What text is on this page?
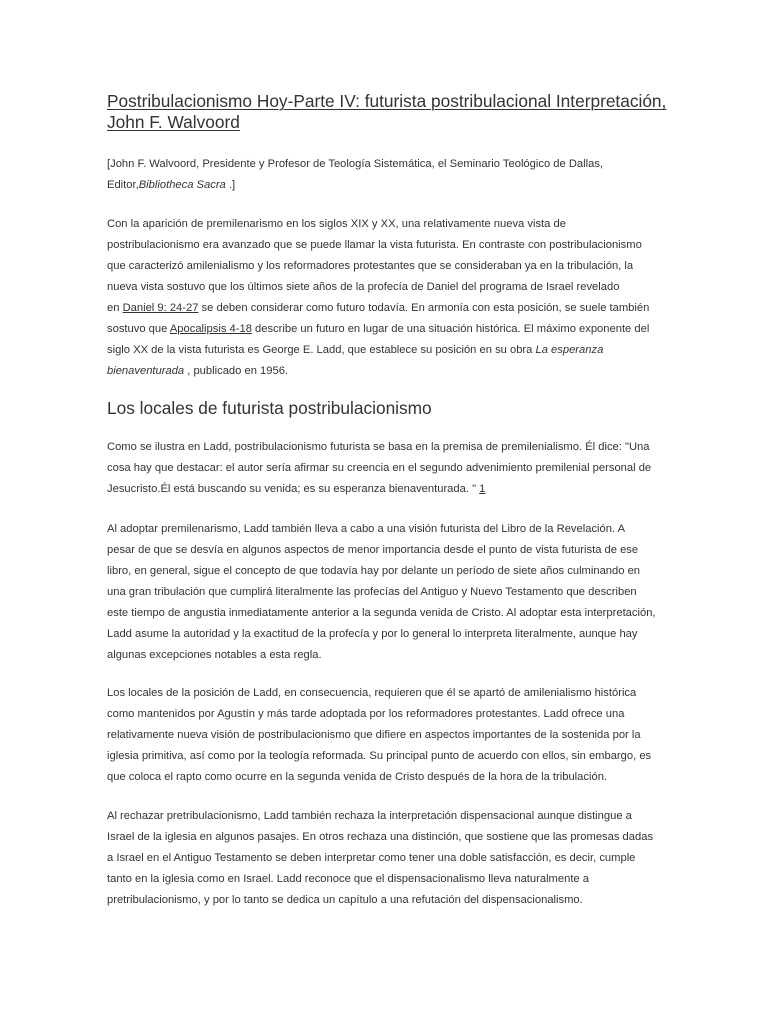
Postribulacionismo Hoy-Parte IV: futurista postribulacional Interpretación,
John F. Walvoord

[John F. Walvoord, Presidente y Profesor de Teología Sistemática, el Seminario Teológico de Dallas,
Editor,Bibliotheca Sacra .]

Con la aparición de premilenarismo en los siglos XIX y XX, una relativamente nueva vista de
postribulacionismo era avanzado que se puede llamar la vista futurista. En contraste con postribulacionismo
que caracterizó amilenialismo y los reformadores protestantes que se consideraban ya en la tribulación, la
nueva vista sostuvo que los últimos siete años de la profecía de Daniel del programa de Israel revelado
en Daniel 9: 24-27 se deben considerar como futuro todavía. En armonía con esta posición, se suele también
sostuvo que Apocalipsis 4-18 describe un futuro en lugar de una situación histórica. El máximo exponente del
siglo XX de la vista futurista es George E. Ladd, que establece su posición en su obra La esperanza
bienaventurada , publicado en 1956.

Los locales de futurista postribulacionismo

Como se ilustra en Ladd, postribulacionismo futurista se basa en la premisa de premilenialismo. Él dice: "Una
cosa hay que destacar: el autor sería afirmar su creencia en el segundo advenimiento premilenial personal de
Jesucristo.Él está buscando su venida; es su esperanza bienaventurada. " 1

Al adoptar premilenarismo, Ladd también lleva a cabo a una visión futurista del Libro de la Revelación. A
pesar de que se desvía en algunos aspectos de menor importancia desde el punto de vista futurista de ese
libro, en general, sigue el concepto de que todavía hay por delante un período de siete años culminando en
una gran tribulación que cumplirá literalmente las profecías del Antiguo y Nuevo Testamento que describen
este tiempo de angustia inmediatamente anterior a la segunda venida de Cristo. Al adoptar esta interpretación,
Ladd asume la autoridad y la exactitud de la profecía y por lo general lo interpreta literalmente, aunque hay
algunas excepciones notables a esta regla.

Los locales de la posición de Ladd, en consecuencia, requieren que él se apartó de amilenialismo histórica
como mantenidos por Agustín y más tarde adoptada por los reformadores protestantes. Ladd ofrece una
relativamente nueva visión de postribulacionismo que difiere en aspectos importantes de la sostenida por la
iglesia primitiva, así como por la teología reformada. Su principal punto de acuerdo con ellos, sin embargo, es
que coloca el rapto como ocurre en la segunda venida de Cristo después de la hora de la tribulación.

Al rechazar pretribulacionismo, Ladd también rechaza la interpretación dispensacional aunque distingue a
Israel de la iglesia en algunos pasajes. En otros rechaza una distinción, que sostiene que las promesas dadas
a Israel en el Antiguo Testamento se deben interpretar como tener una doble satisfacción, es decir, cumple
tanto en la iglesia como en Israel. Ladd reconoce que el dispensacionalismo lleva naturalmente a
pretribulacionismo, y por lo tanto se dedica un capítulo a una refutación del dispensacionalismo.
